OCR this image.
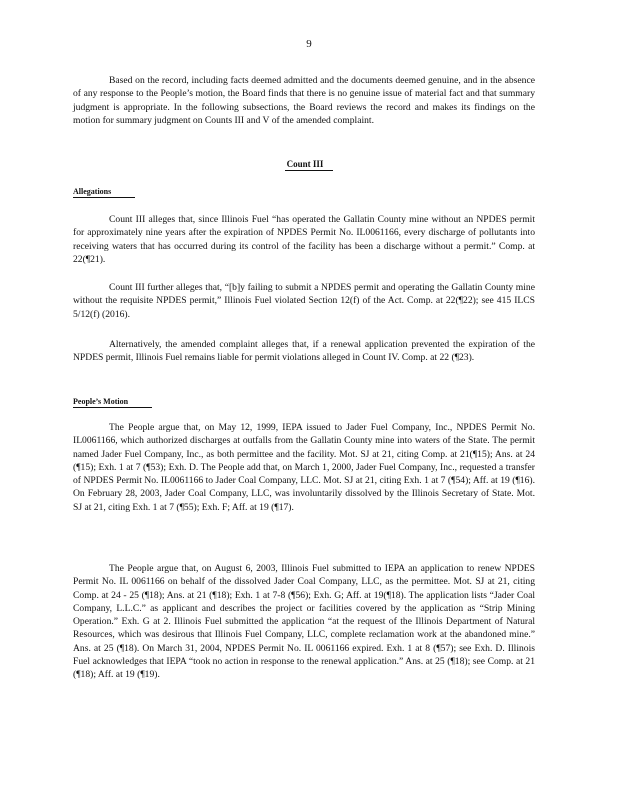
9

Based on the record, including facts deemed admitted and the documents deemed genuine, and in the absence of any response to the People’s motion, the Board finds that there is no genuine issue of material fact and that summary judgment is appropriate. In the following subsections, the Board reviews the record and makes its findings on the motion for summary judgment on Counts III and V of the amended complaint.

Count III
Allegations

Count III alleges that, since Illinois Fuel “has operated the Gallatin County mine without an NPDES permit for approximately nine years after the expiration of NPDES Permit No. IL0061166, every discharge of pollutants into receiving waters that has occurred during its control of the facility has been a discharge without a permit.” Comp. at 22(¶21).

Count III further alleges that, “[b]y failing to submit a NPDES permit and operating the Gallatin County mine without the requisite NPDES permit,” Illinois Fuel violated Section 12(f) of the Act. Comp. at 22(¶22); see 415 ILCS 5/12(f) (2016).

Alternatively, the amended complaint alleges that, if a renewal application prevented the expiration of the NPDES permit, Illinois Fuel remains liable for permit violations alleged in Count IV. Comp. at 22 (¶23).

People’s Motion

The People argue that, on May 12, 1999, IEPA issued to Jader Fuel Company, Inc., NPDES Permit No. IL0061166, which authorized discharges at outfalls from the Gallatin County mine into waters of the State. The permit named Jader Fuel Company, Inc., as both permittee and the facility. Mot. SJ at 21, citing Comp. at 21(¶15); Ans. at 24 (¶15); Exh. 1 at 7 (¶53); Exh. D. The People add that, on March 1, 2000, Jader Fuel Company, Inc., requested a transfer of NPDES Permit No. IL0061166 to Jader Coal Company, LLC. Mot. SJ at 21, citing Exh. 1 at 7 (¶54); Aff. at 19 (¶16). On February 28, 2003, Jader Coal Company, LLC, was involuntarily dissolved by the Illinois Secretary of State. Mot. SJ at 21, citing Exh. 1 at 7 (¶55); Exh. F; Aff. at 19 (¶17).

The People argue that, on August 6, 2003, Illinois Fuel submitted to IEPA an application to renew NPDES Permit No. IL 0061166 on behalf of the dissolved Jader Coal Company, LLC, as the permittee. Mot. SJ at 21, citing Comp. at 24 - 25 (¶18); Ans. at 21 (¶18); Exh. 1 at 7-8 (¶56); Exh. G; Aff. at 19(¶18). The application lists “Jader Coal Company, L.L.C.” as applicant and describes the project or facilities covered by the application as “Strip Mining Operation.” Exh. G at 2. Illinois Fuel submitted the application “at the request of the Illinois Department of Natural Resources, which was desirous that Illinois Fuel Company, LLC, complete reclamation work at the abandoned mine.” Ans. at 25 (¶18). On March 31, 2004, NPDES Permit No. IL 0061166 expired. Exh. 1 at 8 (¶57); see Exh. D. Illinois Fuel acknowledges that IEPA “took no action in response to the renewal application.” Ans. at 25 (¶18); see Comp. at 21 (¶18); Aff. at 19 (¶19).
